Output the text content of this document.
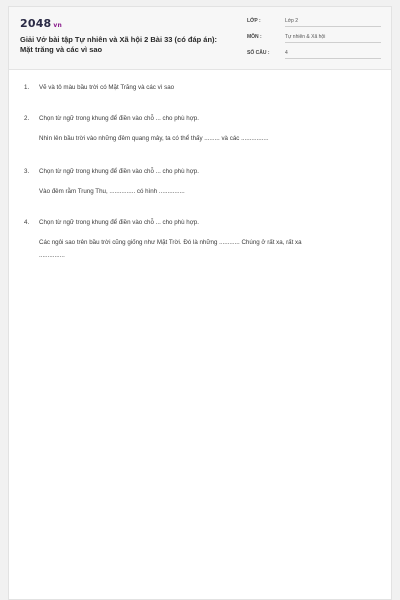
2048 vn
Giải Vở bài tập Tự nhiên và Xã hội 2 Bài 33 (có đáp án):
Mặt trăng và các vì sao
LỚP :	Lớp 2
MÔN :	Tự nhiên & Xã hội
SỐ CÂU :	4
1. Vẽ và tô màu bầu trời có Mặt Trăng và các vì sao
2. Chọn từ ngữ trong khung để điền vào chỗ ... cho phù hợp.
Nhìn lên bầu trời vào những đêm quang mây, ta có thể thấy ......... và các ................
3. Chọn từ ngữ trong khung để điền vào chỗ ... cho phù hợp.
Vào đêm rằm Trung Thu, ............... có hình ...............
4. Chọn từ ngữ trong khung để điền vào chỗ ... cho phù hợp.
Các ngôi sao trên bầu trời cũng giống như Mặt Trời. Đó là những ............ Chúng ở rất xa, rất xa
...............
